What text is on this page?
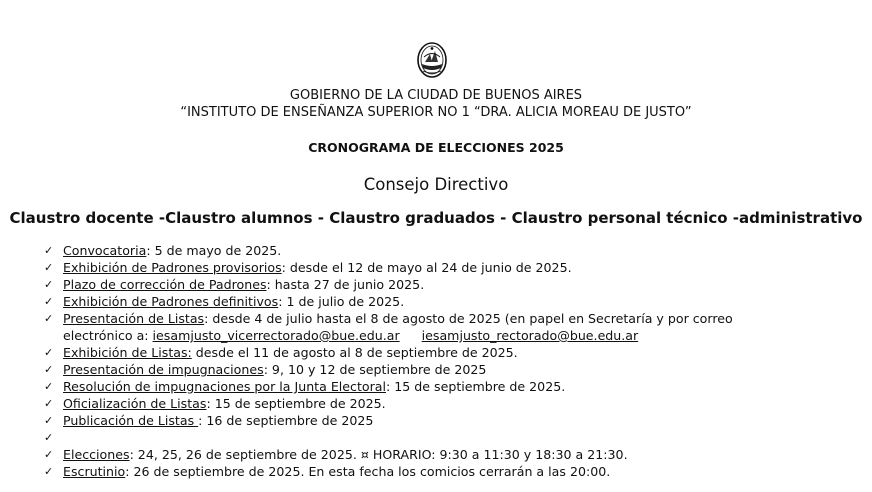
GOBIERNO DE LA CIUDAD DE BUENOS AIRES
“INSTITUTO DE ENSEÑANZA SUPERIOR NO 1 “DRA. ALICIA MOREAU DE JUSTO”
CRONOGRAMA DE ELECCIONES 2025
Consejo Directivo
Claustro docente -Claustro alumnos - Claustro graduados - Claustro personal técnico -administrativo
✓ Convocatoria: 5 de mayo de 2025.
✓ Exhibición de Padrones provisorios: desde el 12 de mayo al 24 de junio de 2025.
✓ Plazo de corrección de Padrones: hasta 27 de junio 2025.
✓ Exhibición de Padrones definitivos: 1 de julio de 2025.
✓ Presentación de Listas: desde 4 de julio hasta el 8 de agosto de 2025 (en papel en Secretaría y por correo
electrónico a: iesamjusto_vicerrectorado@bue.edu.ar iesamjusto_rectorado@bue.edu.ar
✓ Exhibición de Listas: desde el 11 de agosto al 8 de septiembre de 2025.
✓ Presentación de impugnaciones: 9, 10 y 12 de septiembre de 2025
✓ Resolución de impugnaciones por la Junta Electoral: 15 de septiembre de 2025.
✓ Oficialización de Listas: 15 de septiembre de 2025.
✓ Publicación de Listas : 16 de septiembre de 2025
✓

✓ Elecciones: 24, 25, 26 de septiembre de 2025. ¤ HORARIO: 9:30 a 11:30 y 18:30 a 21:30.
✓ Escrutinio: 26 de septiembre de 2025. En esta fecha los comicios cerrarán a las 20:00.
